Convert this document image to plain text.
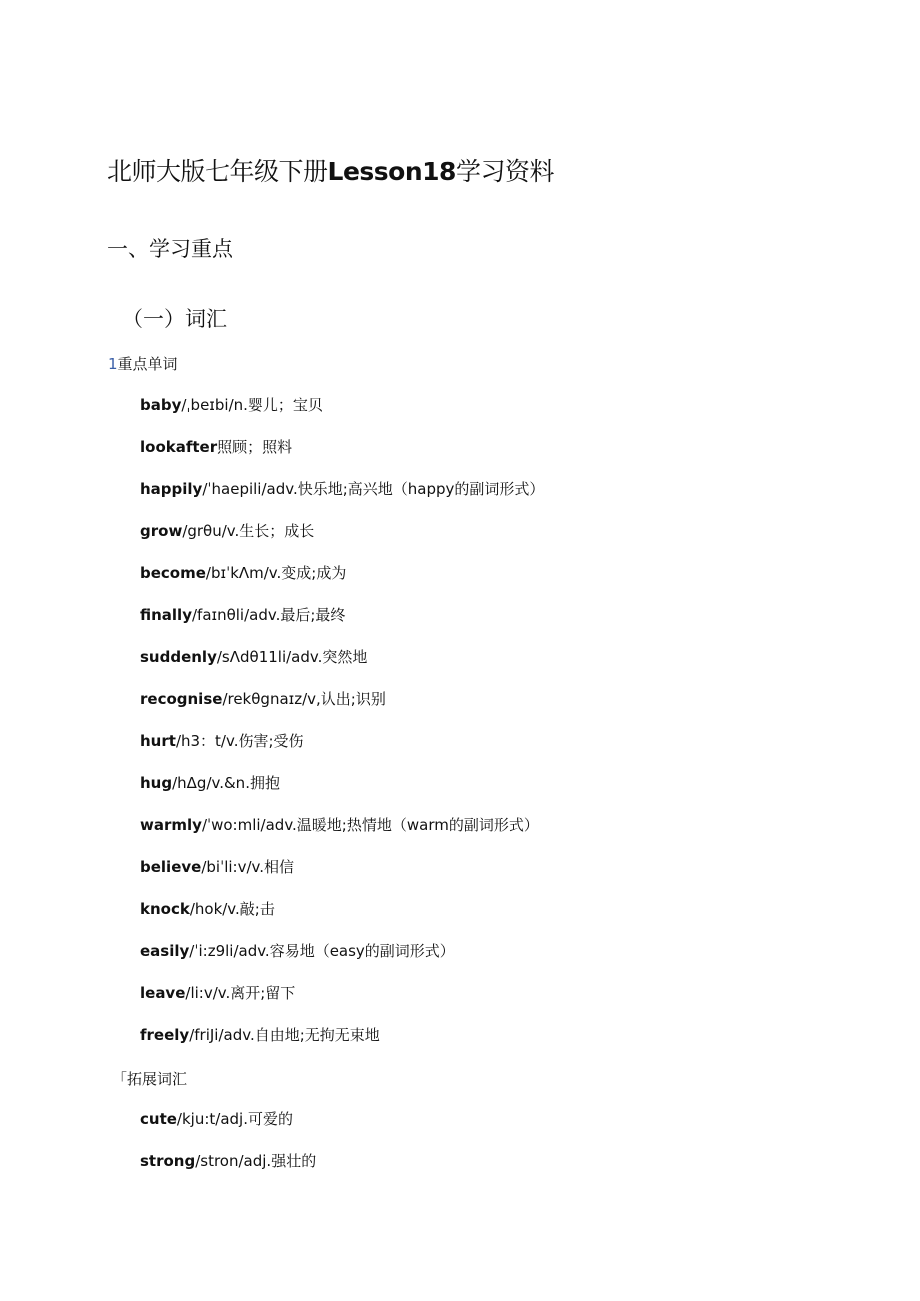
北师大版七年级下册Lesson18学习资料
一、学习重点
（一）词汇
1重点单词
baby/ˌbeɪbi/n.婴儿；宝贝
lookafter照顾；照料
happily/ˈhaepili/adv.快乐地;高兴地（happy的副词形式）
grow/grθu/v.生长；成长
become/bɪˈkΛm/v.变成;成为
finally/faɪnθli/adv.最后;最终
suddenly/sΛdθ11li/adv.突然地
recognise/rekθgnaɪz/v,认出;识别
hurt/h3：t/v.伤害;受伤
hug/hΔg/v.&n.拥抱
warmly/ˈwo:mli/adv.温暖地;热情地（warm的副词形式）
believe/biˈli:v/v.相信
knock/hok/v.敲;击
easily/ˈi:z9li/adv.容易地（easy的副词形式）
leave/li:v/v.离开;留下
freely/friJi/adv.自由地;无拘无束地
「拓展词汇
cute/kju:t/adj.可爱的
strong/stron/adj.强壮的
